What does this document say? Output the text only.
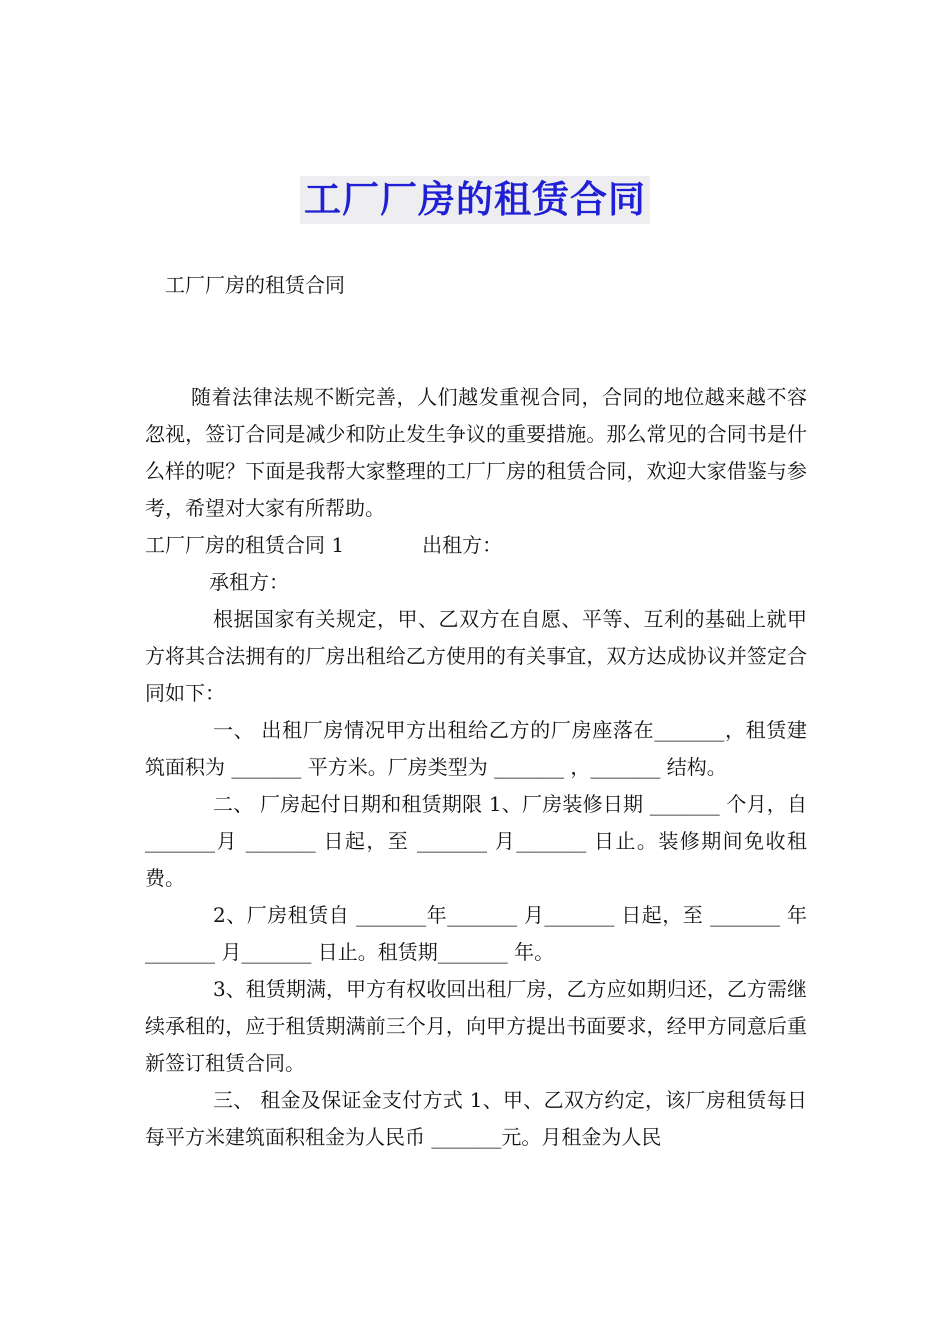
工厂厂房的租赁合同
工厂厂房的租赁合同

随着法律法规不断完善，人们越发重视合同，合同的地位越来越不容忽视，签订合同是减少和防止发生争议的重要措施。那么常见的合同书是什么样的呢？下面是我帮大家整理的工厂厂房的租赁合同，欢迎大家借鉴与参考，希望对大家有所帮助。

工厂厂房的租赁合同 1	出租方：

承租方：

根据国家有关规定，甲、乙双方在自愿、平等、互利的基础上就甲方将其合法拥有的厂房出租给乙方使用的有关事宜，双方达成协议并签定合同如下：

一、 出租厂房情况甲方出租给乙方的厂房座落在_______，租赁建筑面积为 _______ 平方米。厂房类型为 _______ ，_______ 结构。

二、 厂房起付日期和租赁期限 1、厂房装修日期 _______ 个月，自 _______月 _______ 日起，至 _______ 月_______ 日止。装修期间免收租费。

2、厂房租赁自 _______年_______ 月_______ 日起，至 _______ 年_______ 月_______ 日止。租赁期_______ 年。

3、租赁期满，甲方有权收回出租厂房，乙方应如期归还，乙方需继续承租的，应于租赁期满前三个月，向甲方提出书面要求，经甲方同意后重新签订租赁合同。

三、 租金及保证金支付方式 1、甲、乙双方约定，该厂房租赁每日每平方米建筑面积租金为人民币 _______元。月租金为人民
